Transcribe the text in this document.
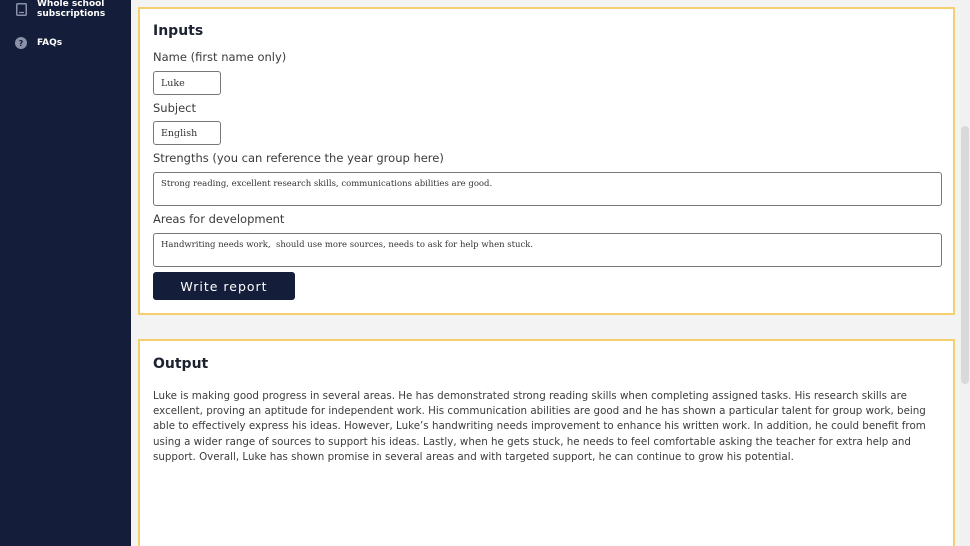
Whole school
subscriptions
? FAQs
Inputs
Name (first name only)
Luke
Subject
English
Strengths (you can reference the year group here)
Strong reading, excellent research skills, communications abilities are good.
Areas for development
Handwriting needs work, should use more sources, needs to ask for help when stuck.
Write report
Output

Luke is making good progress in several areas. He has demonstrated strong reading skills when completing assigned tasks. His research skills are excellent, proving an aptitude for independent work. His communication abilities are good and he has shown a particular talent for group work, being able to effectively express his ideas. However, Luke’s handwriting needs improvement to enhance his written work. In addition, he could benefit from using a wider range of sources to support his ideas. Lastly, when he gets stuck, he needs to feel comfortable asking the teacher for extra help and support. Overall, Luke has shown promise in several areas and with targeted support, he can continue to grow his potential.
